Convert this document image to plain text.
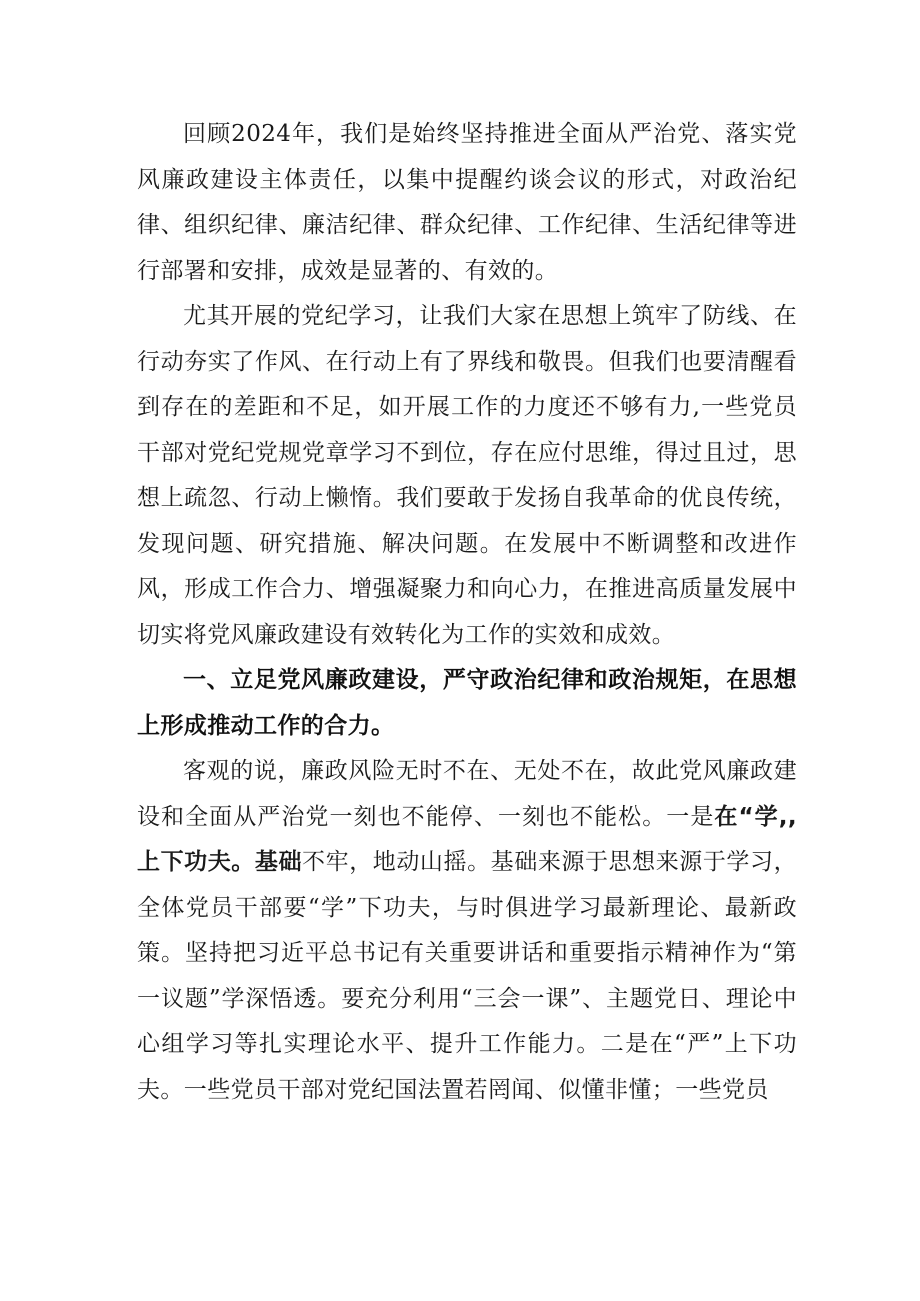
回顾2024年，我们是始终坚持推进全面从严治党、落实党风廉政建设主体责任，以集中提醒约谈会议的形式，对政治纪律、组织纪律、廉洁纪律、群众纪律、工作纪律、生活纪律等进行部署和安排，成效是显著的、有效的。

尤其开展的党纪学习，让我们大家在思想上筑牢了防线、在行动夯实了作风、在行动上有了界线和敬畏。但我们也要清醒看到存在的差距和不足，如开展工作的力度还不够有力,一些党员干部对党纪党规党章学习不到位，存在应付思维，得过且过，思想上疏忽、行动上懒惰。我们要敢于发扬自我革命的优良传统，发现问题、研究措施、解决问题。在发展中不断调整和改进作风，形成工作合力、增强凝聚力和向心力，在推进高质量发展中切实将党风廉政建设有效转化为工作的实效和成效。

一、立足党风廉政建设，严守政治纪律和政治规矩，在思想上形成推动工作的合力。

客观的说，廉政风险无时不在、无处不在，故此党风廉政建设和全面从严治党一刻也不能停、一刻也不能松。一是在“学,,上下功夫。基础不牢，地动山摇。基础来源于思想来源于学习，全体党员干部要“学”下功夫，与时俱进学习最新理论、最新政策。坚持把习近平总书记有关重要讲话和重要指示精神作为“第一议题”学深悟透。要充分利用“三会一课”、主题党日、理论中心组学习等扎实理论水平、提升工作能力。二是在“严”上下功夫。一些党员干部对党纪国法置若罔闻、似懂非懂；一些党员
